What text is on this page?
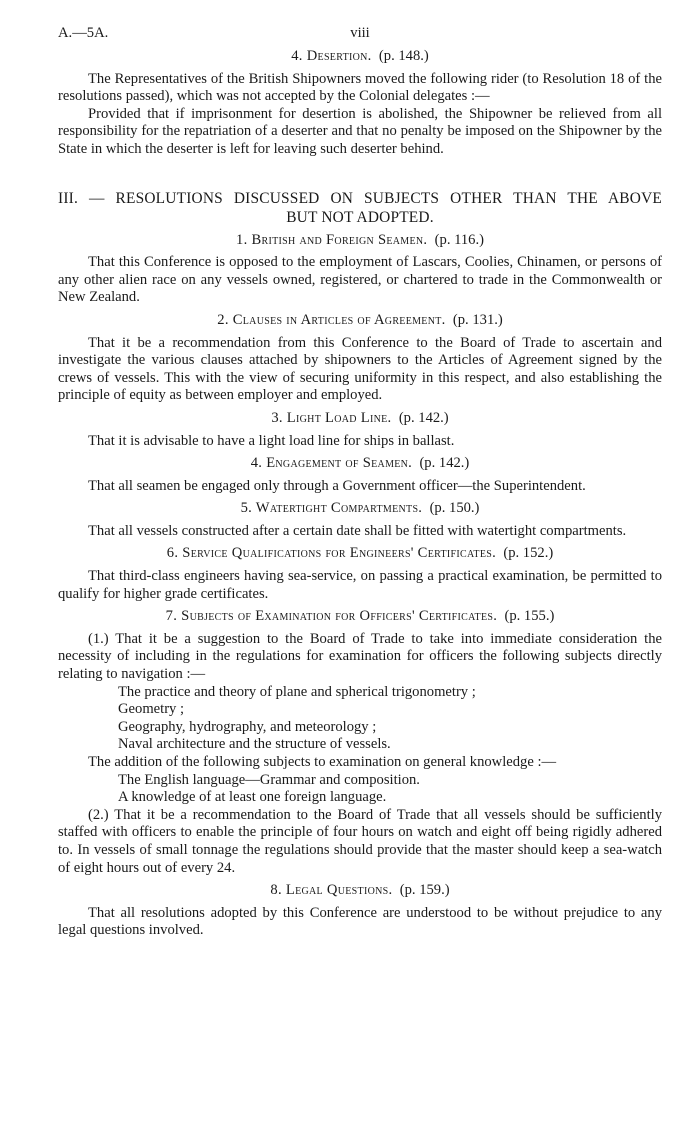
A.—5A.	viii
4. Desertion. (p. 148.)

The Representatives of the British Shipowners moved the following rider (to Resolution 18 of the resolutions passed), which was not accepted by the Colonial delegates :—

Provided that if imprisonment for desertion is abolished, the Shipowner be relieved from all responsibility for the repatriation of a deserter and that no penalty be imposed on the Shipowner by the State in which the deserter is left for leaving such deserter behind.

III. — RESOLUTIONS DISCUSSED ON SUBJECTS OTHER THAN THE ABOVE
BUT NOT ADOPTED.
1. British and Foreign Seamen. (p. 116.)

That this Conference is opposed to the employment of Lascars, Coolies, Chinamen, or persons of any other alien race on any vessels owned, registered, or chartered to trade in the Commonwealth or New Zealand.

2. Clauses in Articles of Agreement. (p. 131.)

That it be a recommendation from this Conference to the Board of Trade to ascertain and investigate the various clauses attached by shipowners to the Articles of Agreement signed by the crews of vessels. This with the view of securing uniformity in this respect, and also establishing the principle of equity as between employer and employed.

3. Light Load Line. (p. 142.)

That it is advisable to have a light load line for ships in ballast.

4. Engagement of Seamen. (p. 142.)

That all seamen be engaged only through a Government officer—the Superintendent.

5. Watertight Compartments. (p. 150.)

That all vessels constructed after a certain date shall be fitted with watertight compartments.

6. Service Qualifications for Engineers' Certificates. (p. 152.)

That third-class engineers having sea-service, on passing a practical examination, be permitted to qualify for higher grade certificates.

7. Subjects of Examination for Officers' Certificates. (p. 155.)

(1.) That it be a suggestion to the Board of Trade to take into immediate consideration the necessity of including in the regulations for examination for officers the following subjects directly relating to navigation :—

The practice and theory of plane and spherical trigonometry ;
Geometry ;
Geography, hydrography, and meteorology ;
Naval architecture and the structure of vessels.

The addition of the following subjects to examination on general knowledge :—

The English language—Grammar and composition.
A knowledge of at least one foreign language.

(2.) That it be a recommendation to the Board of Trade that all vessels should be sufficiently staffed with officers to enable the principle of four hours on watch and eight off being rigidly adhered to. In vessels of small tonnage the regulations should provide that the master should keep a sea-watch of eight hours out of every 24.

8. Legal Questions. (p. 159.)

That all resolutions adopted by this Conference are understood to be without prejudice to any legal questions involved.
